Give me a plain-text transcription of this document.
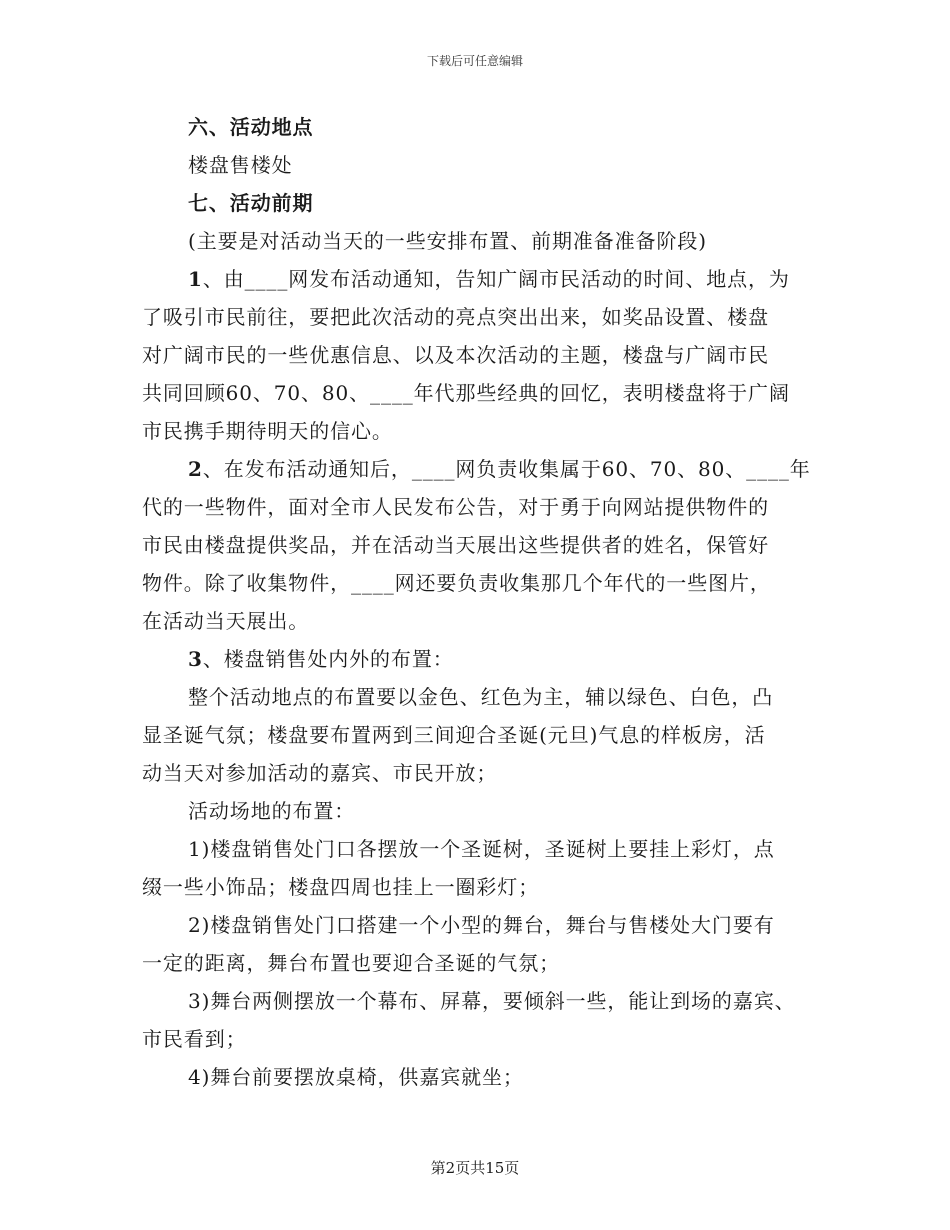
下载后可任意编辑
六、活动地点
楼盘售楼处
七、活动前期
(主要是对活动当天的一些安排布置、前期准备准备阶段)
1、由____网发布活动通知，告知广阔市民活动的时间、地点，为
了吸引市民前往，要把此次活动的亮点突出出来，如奖品设置、楼盘
对广阔市民的一些优惠信息、以及本次活动的主题，楼盘与广阔市民
共同回顾60、70、80、____年代那些经典的回忆，表明楼盘将于广阔
市民携手期待明天的信心。
2、在发布活动通知后，____网负责收集属于60、70、80、____年
代的一些物件，面对全市人民发布公告，对于勇于向网站提供物件的
市民由楼盘提供奖品，并在活动当天展出这些提供者的姓名，保管好
物件。除了收集物件，____网还要负责收集那几个年代的一些图片，
在活动当天展出。
3、楼盘销售处内外的布置：
整个活动地点的布置要以金色、红色为主，辅以绿色、白色，凸
显圣诞气氛；楼盘要布置两到三间迎合圣诞(元旦)气息的样板房，活
动当天对参加活动的嘉宾、市民开放；
活动场地的布置：
1)楼盘销售处门口各摆放一个圣诞树，圣诞树上要挂上彩灯，点
缀一些小饰品；楼盘四周也挂上一圈彩灯；
2)楼盘销售处门口搭建一个小型的舞台，舞台与售楼处大门要有
一定的距离，舞台布置也要迎合圣诞的气氛；
3)舞台两侧摆放一个幕布、屏幕，要倾斜一些，能让到场的嘉宾、
市民看到；
4)舞台前要摆放桌椅，供嘉宾就坐；
第2页共15页
